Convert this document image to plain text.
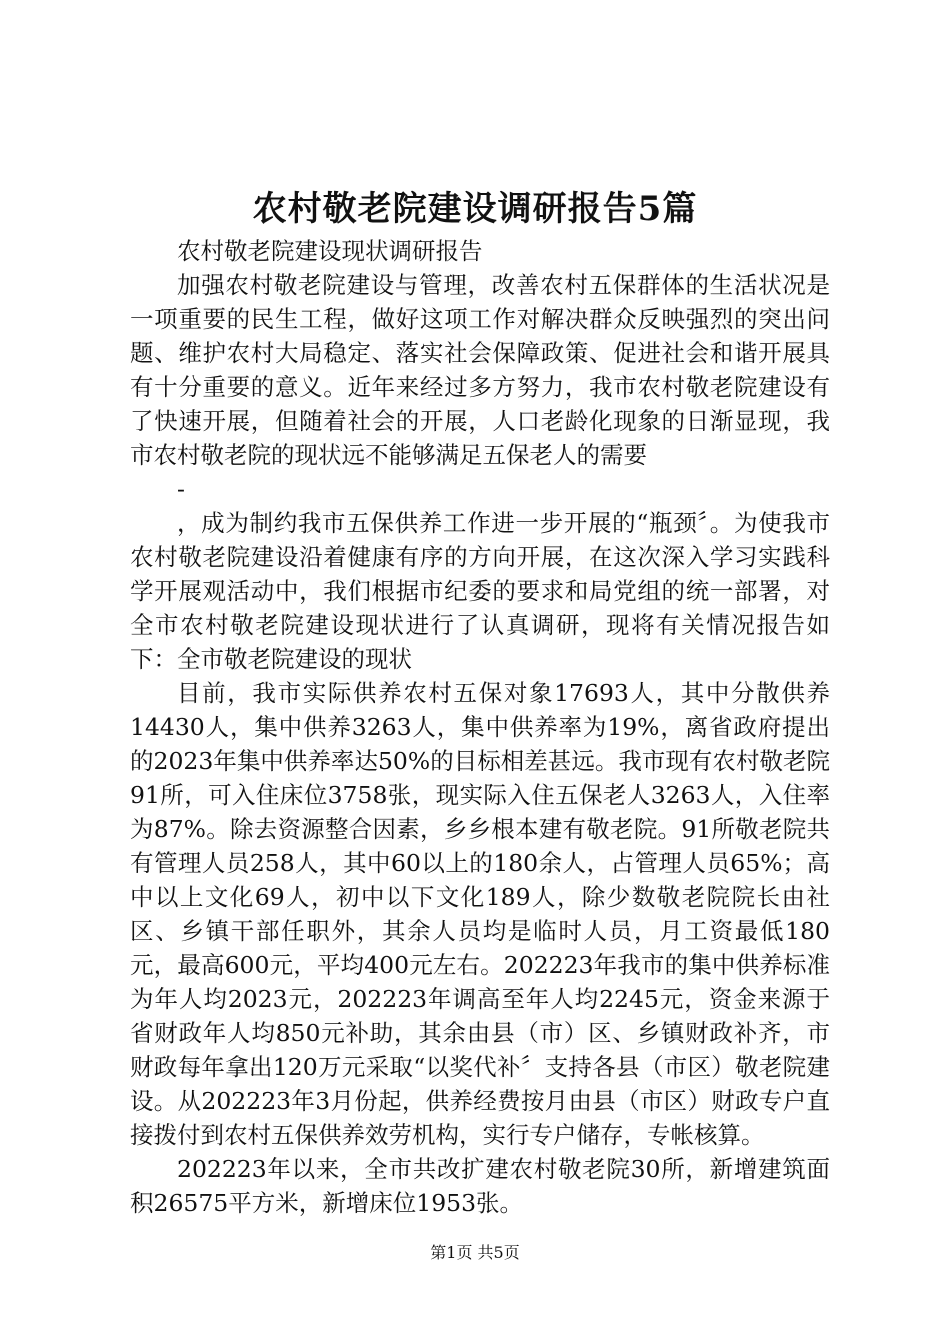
农村敬老院建设调研报告5篇

农村敬老院建设现状调研报告

加强农村敬老院建设与管理，改善农村五保群体的生活状况是一项重要的民生工程，做好这项工作对解决群众反映强烈的突出问题、维护农村大局稳定、落实社会保障政策、促进社会和谐开展具有十分重要的意义。近年来经过多方努力，我市农村敬老院建设有了快速开展，但随着社会的开展，人口老龄化现象的日渐显现，我市农村敬老院的现状远不能够满足五保老人的需要

-

，成为制约我市五保供养工作进一步开展的“瓶颈〞。为使我市农村敬老院建设沿着健康有序的方向开展，在这次深入学习实践科学开展观活动中，我们根据市纪委的要求和局党组的统一部署，对全市农村敬老院建设现状进行了认真调研，现将有关情况报告如下：全市敬老院建设的现状

目前，我市实际供养农村五保对象17693人，其中分散供养14430人，集中供养3263人，集中供养率为19%，离省政府提出的2023年集中供养率达50%的目标相差甚远。我市现有农村敬老院91所，可入住床位3758张，现实际入住五保老人3263人，入住率为87%。除去资源整合因素，乡乡根本建有敬老院。91所敬老院共有管理人员258人，其中60以上的180余人，占管理人员65%；高中以上文化69人，初中以下文化189人，除少数敬老院院长由社区、乡镇干部任职外，其余人员均是临时人员，月工资最低180元，最高600元，平均400元左右。202223年我市的集中供养标准为年人均2023元，202223年调高至年人均2245元，资金来源于省财政年人均850元补助，其余由县（市）区、乡镇财政补齐，市财政每年拿出120万元采取“以奖代补〞支持各县（市区）敬老院建设。从202223年3月份起，供养经费按月由县（市区）财政专户直接拨付到农村五保供养效劳机构，实行专户储存，专帐核算。

202223年以来，全市共改扩建农村敬老院30所，新增建筑面积26575平方米，新增床位1953张。

第1页 共5页
